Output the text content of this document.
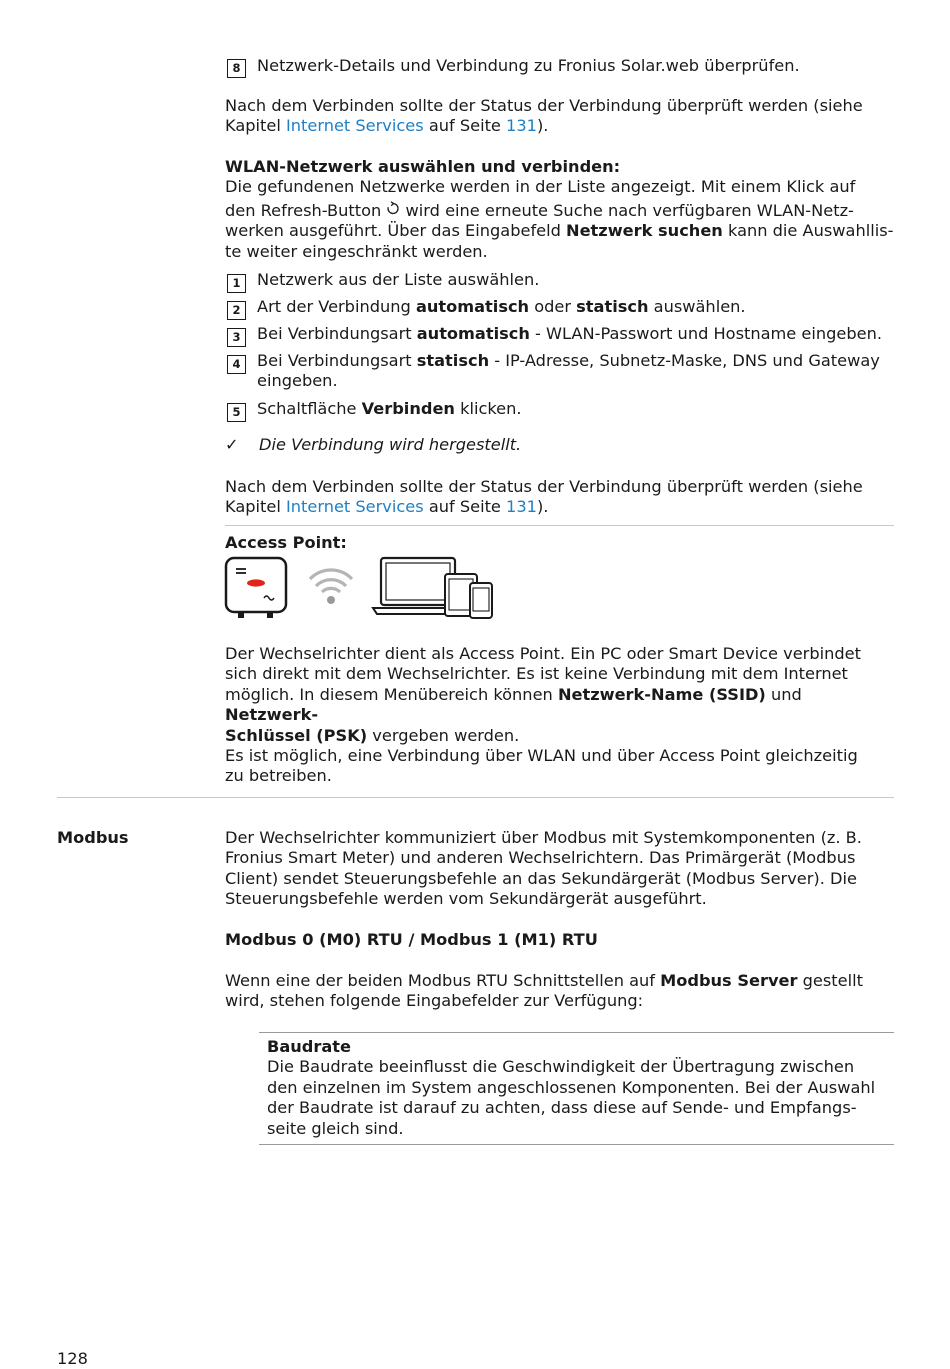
8	Netzwerk-Details und Verbindung zu Fronius Solar.web überprüfen.
Nach dem Verbinden sollte der Status der Verbindung überprüft werden (siehe Kapitel Internet Services auf Seite 131).

WLAN-Netzwerk auswählen und verbinden:

Die gefundenen Netzwerke werden in der Liste angezeigt. Mit einem Klick auf

den Refresh-Button  wird eine erneute Suche nach verfügbaren WLAN-Netz-

werken ausgeführt. Über das Eingabefeld Netzwerk suchen kann die Auswahllis-

te weiter eingeschränkt werden.

1	Netzwerk aus der Liste auswählen.
2	Art der Verbindung automatisch oder statisch auswählen.
3	Bei Verbindungsart automatisch - WLAN-Passwort und Hostname eingeben.
4	Bei Verbindungsart statisch - IP-Adresse, Subnetz-Maske, DNS und Gateway
eingeben.
5	Schaltfläche Verbinden klicken.
✓ Die Verbindung wird hergestellt.
Nach dem Verbinden sollte der Status der Verbindung überprüft werden (siehe Kapitel Internet Services auf Seite 131).
Access Point:

Der Wechselrichter dient als Access Point. Ein PC oder Smart Device verbindet

sich direkt mit dem Wechselrichter. Es ist keine Verbindung mit dem Internet

möglich. In diesem Menübereich können Netzwerk-Name (SSID) und Netzwerk-

Schlüssel (PSK) vergeben werden.

Es ist möglich, eine Verbindung über WLAN und über Access Point gleichzeitig

zu betreiben.

Modbus	Der Wechselrichter kommuniziert über Modbus mit Systemkomponenten (z. B.

Fronius Smart Meter) und anderen Wechselrichtern. Das Primärgerät (Modbus

Client) sendet Steuerungsbefehle an das Sekundärgerät (Modbus Server). Die

Steuerungsbefehle werden vom Sekundärgerät ausgeführt.

Modbus 0 (M0) RTU / Modbus 1 (M1) RTU

Wenn eine der beiden Modbus RTU Schnittstellen auf Modbus Server gestellt

wird, stehen folgende Eingabefelder zur Verfügung:

Baudrate

Die Baudrate beeinflusst die Geschwindigkeit der Übertragung zwischen

den einzelnen im System angeschlossenen Komponenten. Bei der Auswahl

der Baudrate ist darauf zu achten, dass diese auf Sende- und Empfangs-

seite gleich sind.

128
